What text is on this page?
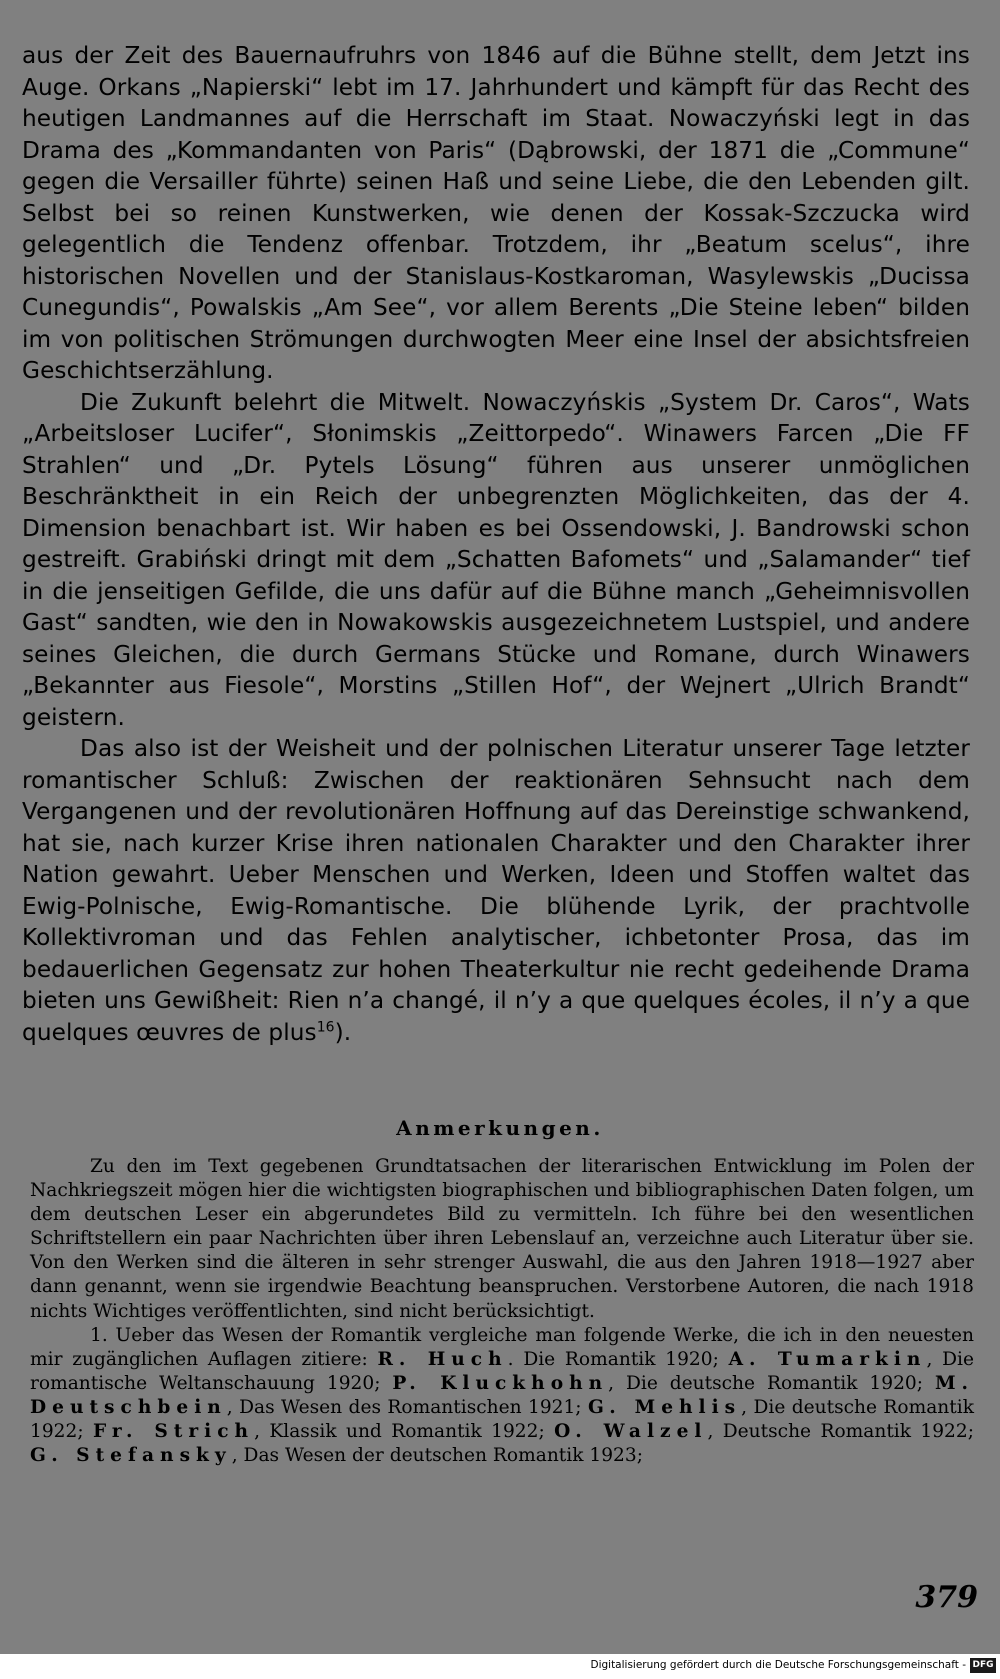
aus der Zeit des Bauernaufruhrs von 1846 auf die Bühne stellt, dem Jetzt ins Auge. Orkans „Napierski“ lebt im 17. Jahrhundert und kämpft für das Recht des heutigen Landmannes auf die Herrschaft im Staat. Nowaczyński legt in das Drama des „Kommandanten von Paris“ (Dąbrowski, der 1871 die „Commune“ gegen die Versailler führte) seinen Haß und seine Liebe, die den Lebenden gilt. Selbst bei so reinen Kunstwerken, wie denen der Kossak-Szczucka wird gelegentlich die Tendenz offenbar. Trotzdem, ihr „Beatum scelus“, ihre historischen Novellen und der Stanislaus-Kostkaroman, Wasylewskis „Ducissa Cunegundis“, Powalskis „Am See“, vor allem Berents „Die Steine leben“ bilden im von politischen Strömungen durchwogten Meer eine Insel der absichtsfreien Geschichtserzählung.

Die Zukunft belehrt die Mitwelt. Nowaczyńskis „System Dr. Caros“, Wats „Arbeitsloser Lucifer“, Słonimskis „Zeittorpedo“. Winawers Farcen „Die FF Strahlen“ und „Dr. Pytels Lösung“ führen aus unserer unmöglichen Beschränktheit in ein Reich der unbegrenzten Möglichkeiten, das der 4. Dimension benachbart ist. Wir haben es bei Ossendowski, J. Bandrowski schon gestreift. Grabiński dringt mit dem „Schatten Bafomets“ und „Salamander“ tief in die jenseitigen Gefilde, die uns dafür auf die Bühne manch „Geheimnisvollen Gast“ sandten, wie den in Nowakowskis ausgezeichnetem Lustspiel, und andere seines Gleichen, die durch Germans Stücke und Romane, durch Winawers „Bekannter aus Fiesole“, Morstins „Stillen Hof“, der Wejnert „Ulrich Brandt“ geistern.

Das also ist der Weisheit und der polnischen Literatur unserer Tage letzter romantischer Schluß: Zwischen der reaktionären Sehnsucht nach dem Vergangenen und der revolutionären Hoffnung auf das Dereinstige schwankend, hat sie, nach kurzer Krise ihren nationalen Charakter und den Charakter ihrer Nation gewahrt. Ueber Menschen und Werken, Ideen und Stoffen waltet das Ewig-Polnische, Ewig-Romantische. Die blühende Lyrik, der prachtvolle Kollektivroman und das Fehlen analytischer, ichbetonter Prosa, das im bedauerlichen Gegensatz zur hohen Theaterkultur nie recht gedeihende Drama bieten uns Gewißheit: Rien n’a changé, il n’y a que quelques écoles, il n’y a que quelques œuvres de plus$^{16}$).

Anmerkungen.

Zu den im Text gegebenen Grundtatsachen der literarischen Entwicklung im Polen der Nachkriegszeit mögen hier die wichtigsten biographischen und bibliographischen Daten folgen, um dem deutschen Leser ein abgerundetes Bild zu vermitteln. Ich führe bei den wesentlichen Schriftstellern ein paar Nachrichten über ihren Lebenslauf an, verzeichne auch Literatur über sie. Von den Werken sind die älteren in sehr strenger Auswahl, die aus den Jahren 1918—1927 aber dann genannt, wenn sie irgendwie Beachtung beanspruchen. Verstorbene Autoren, die nach 1918 nichts Wichtiges veröffentlichten, sind nicht berücksichtigt.

1. Ueber das Wesen der Romantik vergleiche man folgende Werke, die ich in den neuesten mir zugänglichen Auflagen zitiere: R. Huch. Die Romantik 1920; A. Tumarkin, Die romantische Weltanschauung 1920; P. Kluckhohn, Die deutsche Romantik 1920; M. Deutschbein, Das Wesen des Romantischen 1921; G. Mehlis, Die deutsche Romantik 1922; Fr. Strich, Klassik und Romantik 1922; O. Walzel, Deutsche Romantik 1922; G. Stefansky, Das Wesen der deutschen Romantik 1923;

379
Digitalisierung gefördert durch die Deutsche Forschungsgemeinschaft - DFG
